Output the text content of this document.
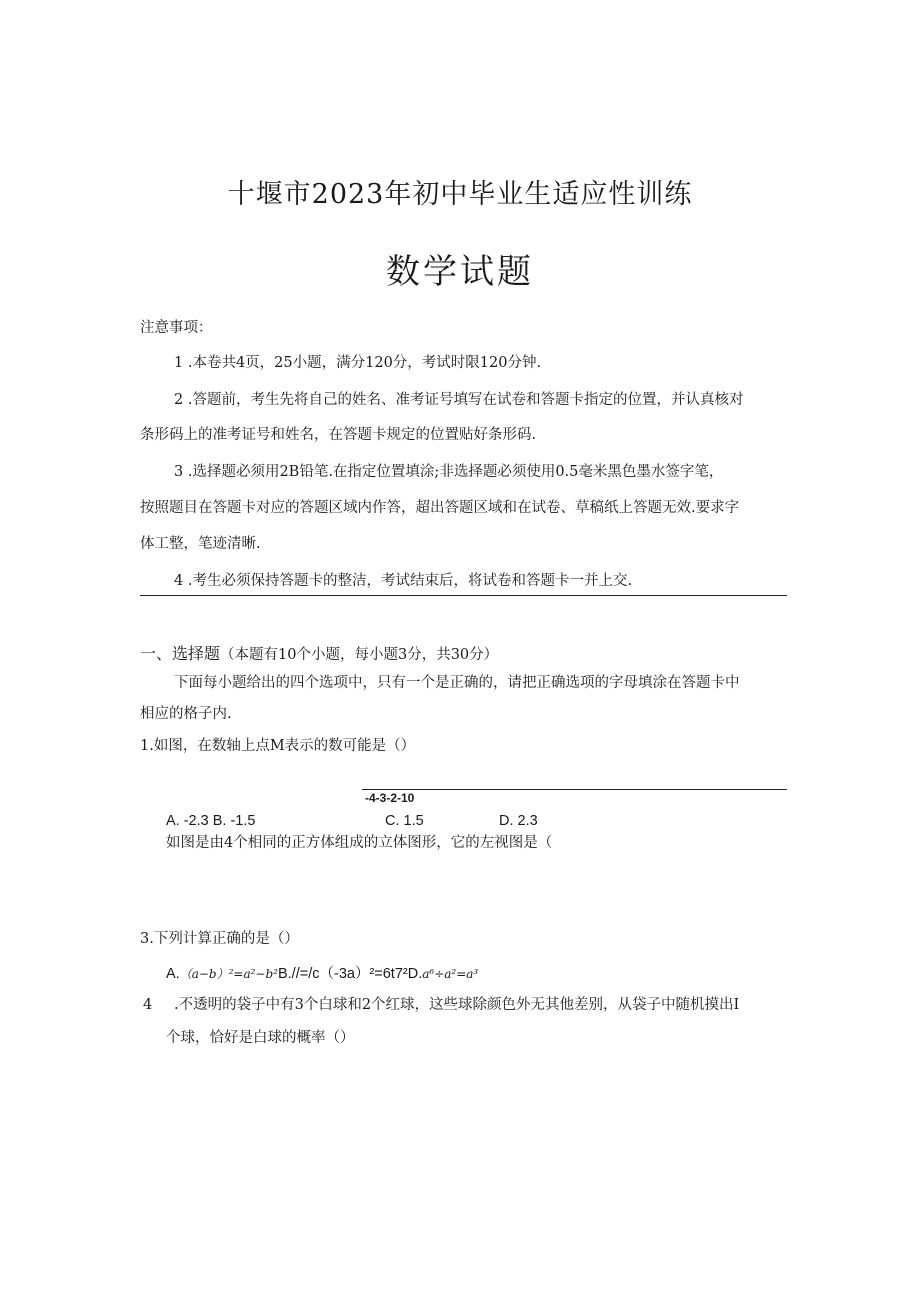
十堰市2023年初中毕业生适应性训练
数学试题
注意事项：
1 .本卷共4页，25小题，满分120分，考试时限120分钟.
2 .答题前，考生先将自己的姓名、准考证号填写在试卷和答题卡指定的位置，并认真核对
条形码上的准考证号和姓名，在答题卡规定的位置贴好条形码.
3 .选择题必须用2B铅笔.在指定位置填涂;非选择题必须使用0.5毫米黑色墨水签字笔，
按照题目在答题卡对应的答题区域内作答，超出答题区域和在试卷、草稿纸上答题无效.要求字
体工整，笔迹清晰.
4 .考生必须保持答题卡的整洁，考试结束后，将试卷和答题卡一并上交.
一、选择题（本题有10个小题，每小题3分，共30分）
下面每小题给出的四个选项中，只有一个是正确的，请把正确选项的字母填涂在答题卡中
相应的格子内.
1.如图，在数轴上点M表示的数可能是（）
-4-3-2-10
A. -2.3 B. -1.5	C. 1.5	D. 2.3
如图是由4个相同的正方体组成的立体图形，它的左视图是（
3.下列计算正确的是（）
A.（a−b）²=a²−b²B.//=/c（-3a）²=6t7²D.a⁶÷a²=a³
4 .不透明的袋子中有3个白球和2个红球，这些球除颜色外无其他差别，从袋子中随机摸出I
个球，恰好是白球的概率（）
